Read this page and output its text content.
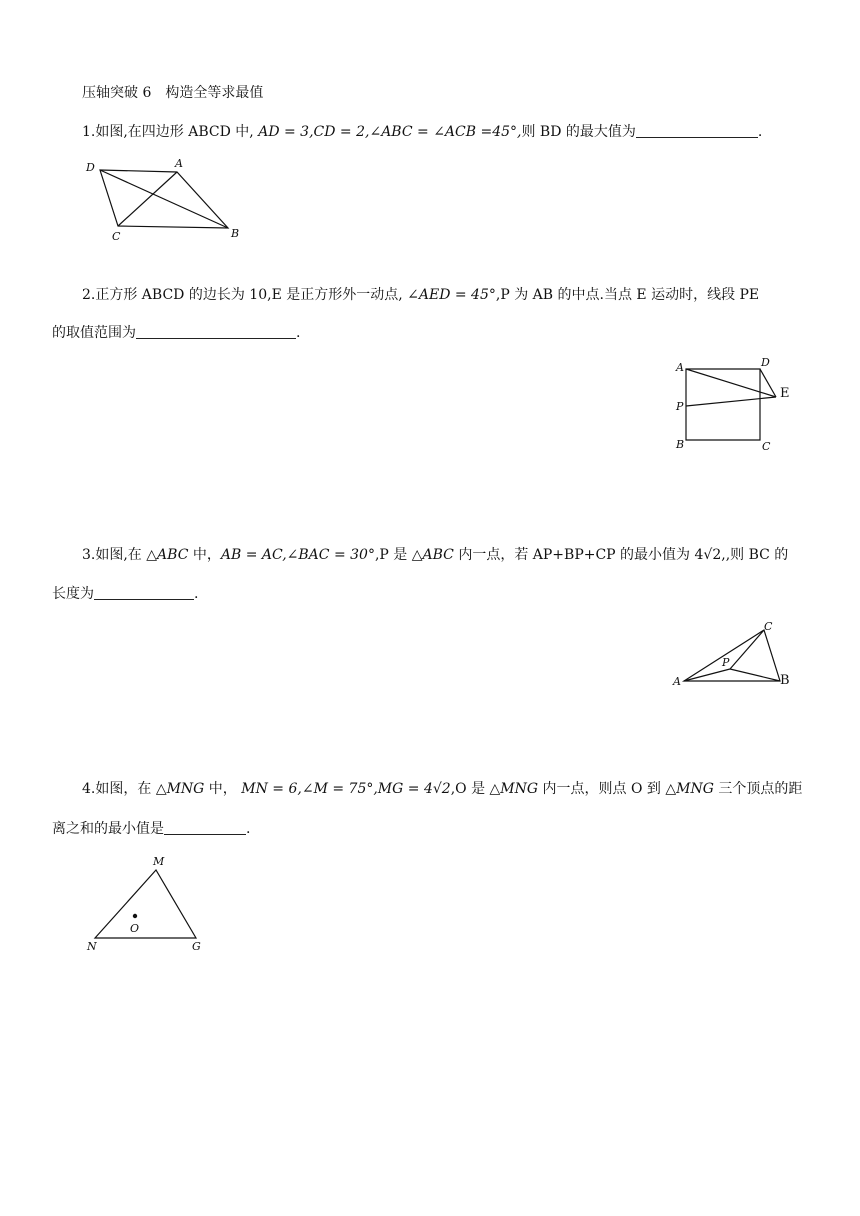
压轴突破 6　构造全等求最值
1.如图,在四边形 ABCD 中, AD = 3,CD = 2,∠ABC = ∠ACB =45°,则 BD 的最大值为	.
D	A
C	B
2.正方形 ABCD 的边长为 10,E 是正方形外一动点, ∠AED = 45°,P 为 AB 的中点.当点 E 运动时，线段 PE
的取值范围为	.
A	D
E
P
B	C
3.如图,在 △ABC 中，AB = AC,∠BAC = 30°,P 是 △ABC 内一点，若 AP+BP+CP 的最小值为 4√2,,则 BC 的
长度为	.
C
P
A	B
4.如图，在 △MNG 中， MN = 6,∠M = 75°,MG = 4√2,O 是 △MNG 内一点，则点 O 到 △MNG 三个顶点的距
离之和的最小值是	.
M
O
N	G
